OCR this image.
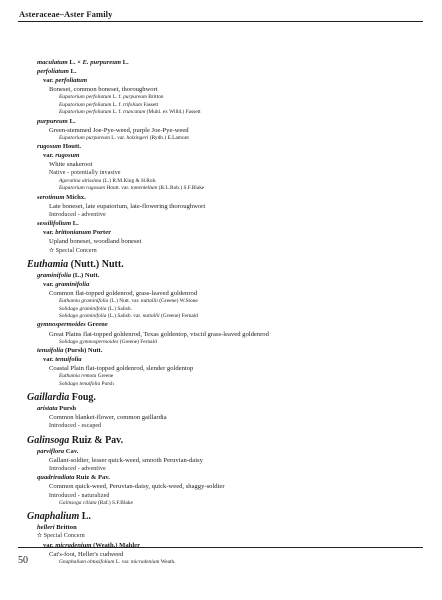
Asteraceae–Aster Family
maculatum L. × E. purpureum L.
perfoliatum L.
var. perfoliatum
Boneset, common boneset, thoroughwort
Eupatorium perfoliatum L. f. purpureum Britton
Eupatorium perfoliatum L. f. trifolium Fassett
Eupatorium perfoliatum L. f. truncatum (Muhl. ex Willd.) Fassett
purpureum L.
Green-stemmed Joe-Pye-weed, purple Joe-Pye-weed
Eupatorium purpureum L. var. holzingeri (Rydb.) E.Lamont
rugosum Houtt.
var. rugosum
White snakeroot
Native - potentially invasive
Ageratina altissima (L.) R.M.King & H.Rob.
Eupatorium rugosum Houtt. var. tomentellum (B.L.Rob.) S.F.Blake
serotinum Michx.
Late boneset, late eupatorium, late-flowering thoroughwort
Introduced - adventive
sessilifolium L.
var. brittonianum Porter
Upland boneset, woodland boneset
✫ Special Concern
Euthamia (Nutt.) Nutt.
graminifolia (L.) Nutt.
var. graminifolia
Common flat-topped goldenrod, grass-leaved goldenrod
Euthamia graminifolia (L.) Nutt. var. nuttallii (Greene) W.Stone
Solidago graminifolia (L.) Salisb.
Solidago graminifolia (L.) Salisb. var. nuttallii (Greene) Fernald
gymnospermoides Greene
Great Plains flat-topped goldenrod, Texas goldentop, viscid grass-leaved goldenrod
Solidago gymnospermoides (Greene) Fernald
tenuifolia (Pursh) Nutt.
var. tenuifolia
Coastal Plain flat-topped goldenrod, slender goldentop
Euthamia remota Greene
Solidago tenuifolia Pursh
Gaillardia Foug.
aristata Pursh
Common blanket-flower, common gaillardia
Introduced - escaped
Galinsoga Ruiz & Pav.
parviflora Cav.
Gallant-soldier, lesser quick-weed, smooth Peruvian-daisy
Introduced - adventive
quadriradiata Ruiz & Pav.
Common quick-weed, Peruvian-daisy, quick-weed, shaggy-soldier
Introduced - naturalized
Galinsoga ciliata (Raf.) S.F.Blake
Gnaphalium L.
helleri Britton
✫ Special Concern
var. micradenium (Weath.) Mahler
Cat's-foot, Heller's cudweed
Gnaphalium obtusifolium L. var. micradenium Weath.
50
